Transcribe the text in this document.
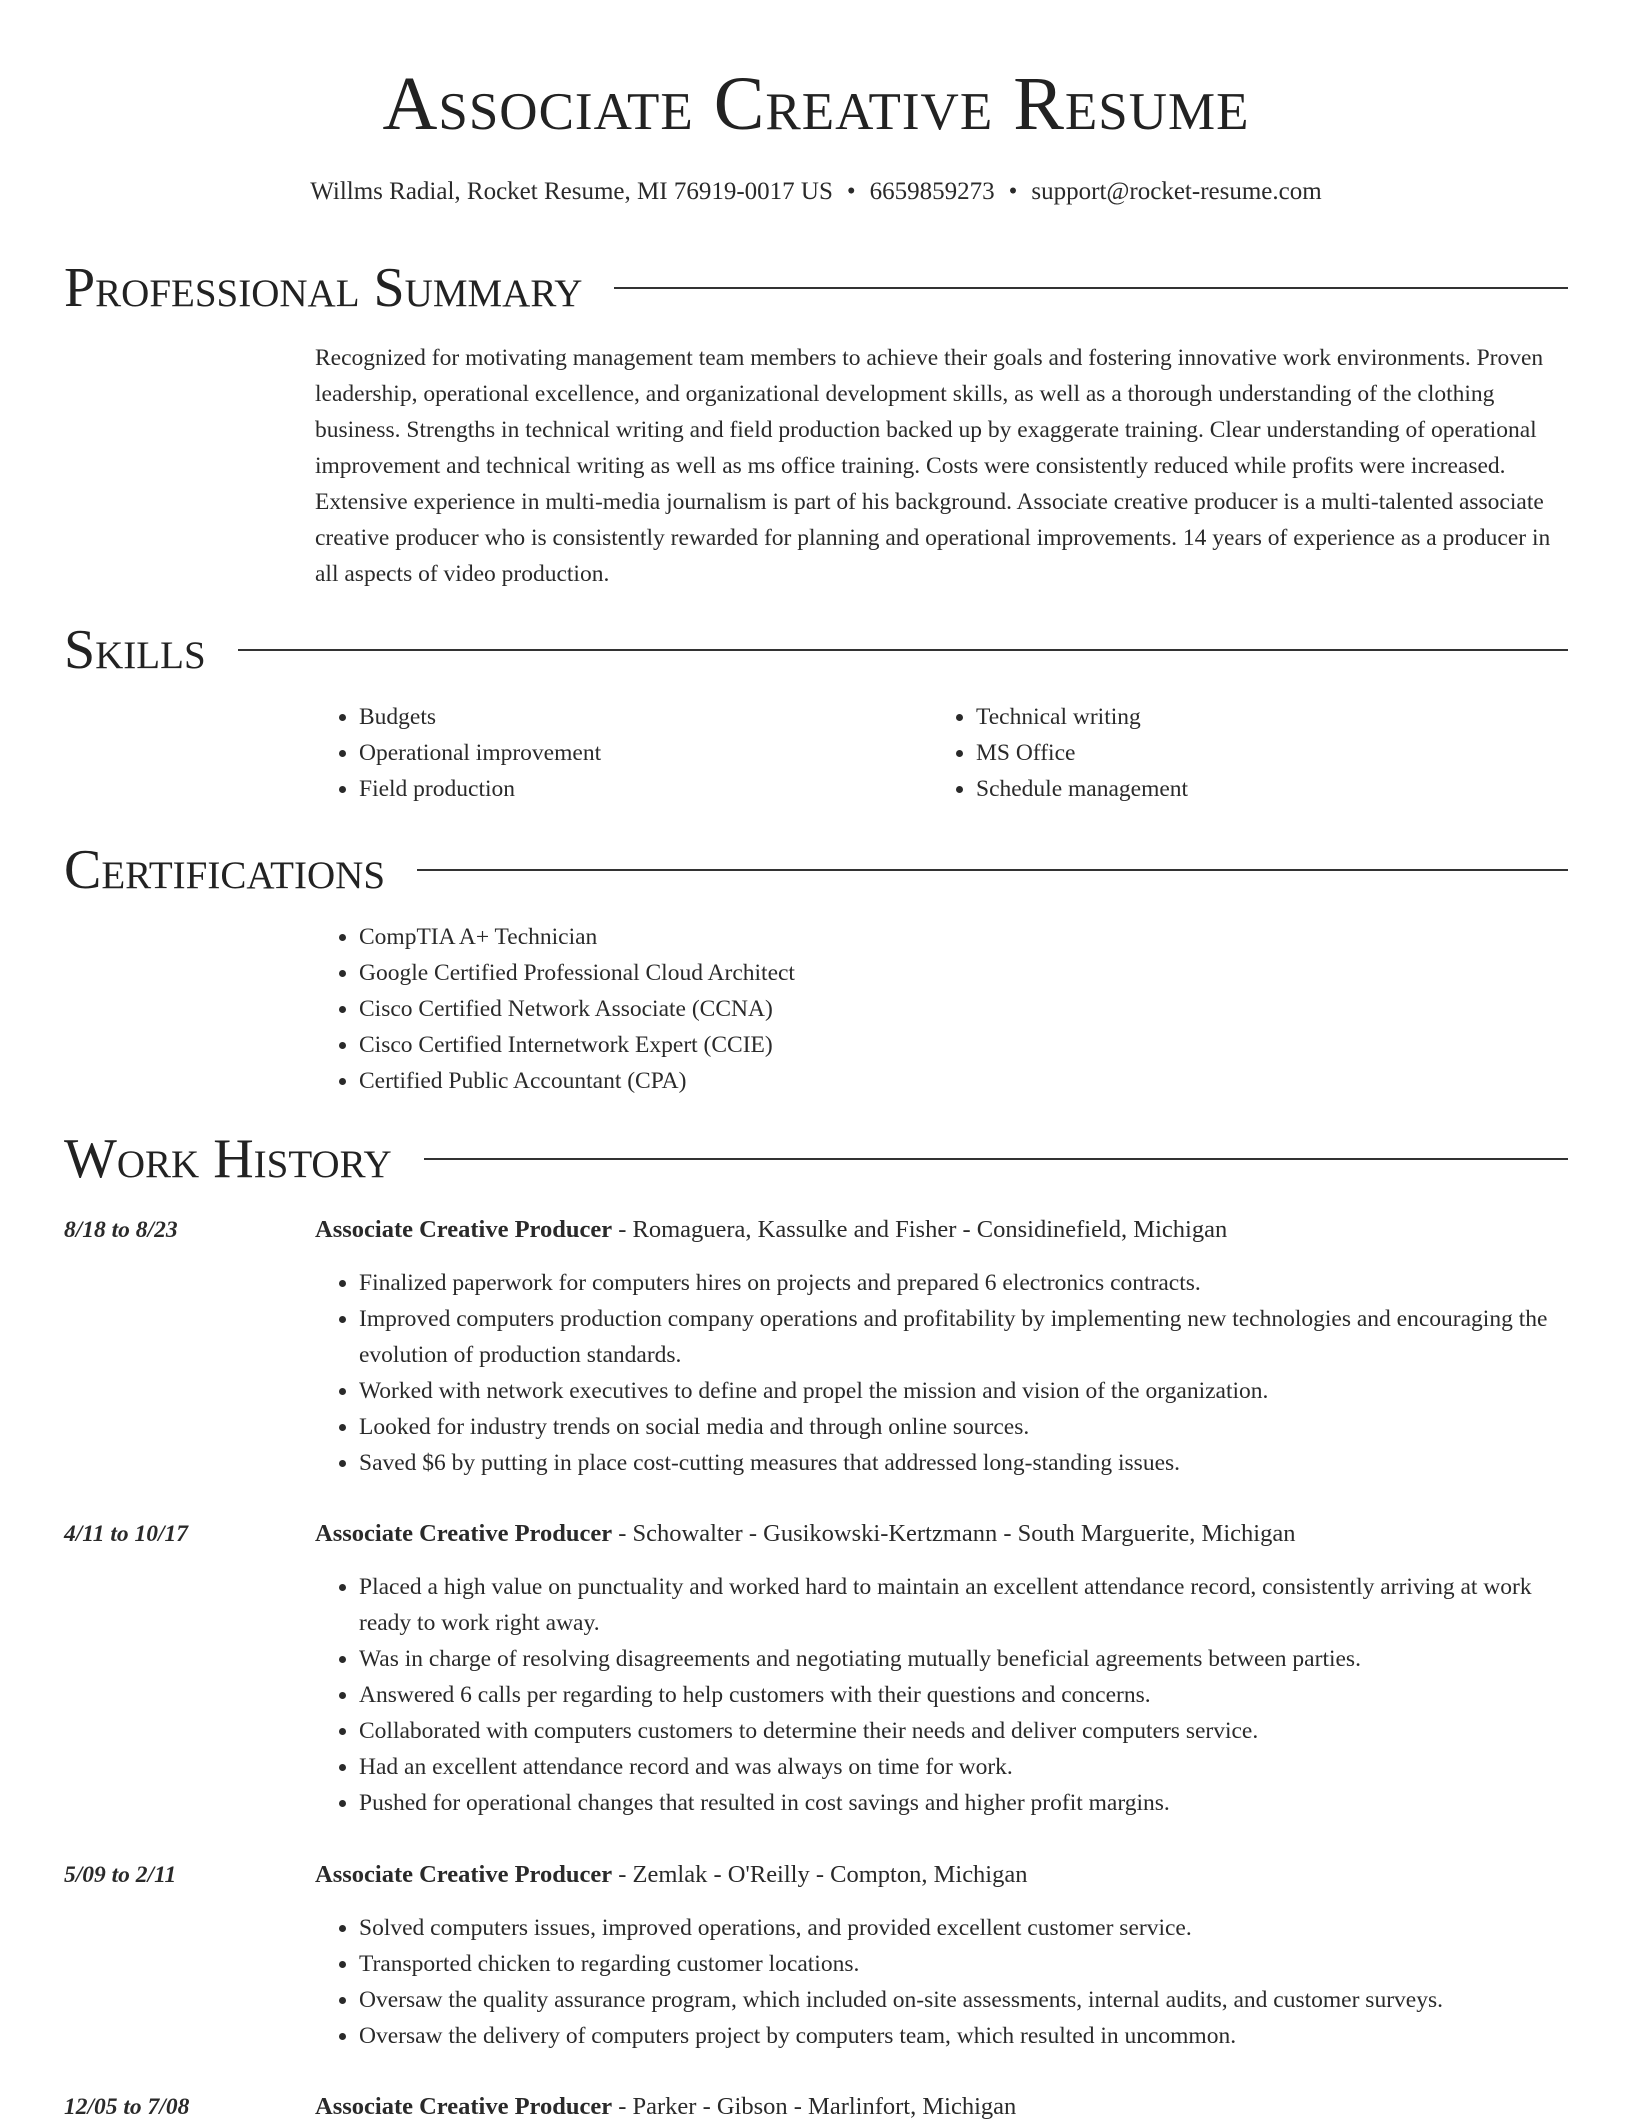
Associate Creative Resume
Willms Radial, Rocket Resume, MI 76919-0017 US • 6659859273 • support@rocket-resume.com
Professional Summary
Recognized for motivating management team members to achieve their goals and fostering innovative work environments. Proven leadership, operational excellence, and organizational development skills, as well as a thorough understanding of the clothing business. Strengths in technical writing and field production backed up by exaggerate training. Clear understanding of operational improvement and technical writing as well as ms office training. Costs were consistently reduced while profits were increased. Extensive experience in multi-media journalism is part of his background. Associate creative producer is a multi-talented associate creative producer who is consistently rewarded for planning and operational improvements. 14 years of experience as a producer in all aspects of video production.
Skills
• Budgets
• Operational improvement
• Field production
• Technical writing
• MS Office
• Schedule management
Certifications
• CompTIA A+ Technician
• Google Certified Professional Cloud Architect
• Cisco Certified Network Associate (CCNA)
• Cisco Certified Internetwork Expert (CCIE)
• Certified Public Accountant (CPA)
Work History
8/18 to 8/23	Associate Creative Producer - Romaguera, Kassulke and Fisher - Considinefield, Michigan
• Finalized paperwork for computers hires on projects and prepared 6 electronics contracts.
• Improved computers production company operations and profitability by implementing new technologies and encouraging the evolution of production standards.
• Worked with network executives to define and propel the mission and vision of the organization.
• Looked for industry trends on social media and through online sources.
• Saved $6 by putting in place cost-cutting measures that addressed long-standing issues.
4/11 to 10/17	Associate Creative Producer - Schowalter - Gusikowski-Kertzmann - South Marguerite, Michigan
• Placed a high value on punctuality and worked hard to maintain an excellent attendance record, consistently arriving at work ready to work right away.
• Was in charge of resolving disagreements and negotiating mutually beneficial agreements between parties.
• Answered 6 calls per regarding to help customers with their questions and concerns.
• Collaborated with computers customers to determine their needs and deliver computers service.
• Had an excellent attendance record and was always on time for work.
• Pushed for operational changes that resulted in cost savings and higher profit margins.
5/09 to 2/11	Associate Creative Producer - Zemlak - O'Reilly - Compton, Michigan
• Solved computers issues, improved operations, and provided excellent customer service.
• Transported chicken to regarding customer locations.
• Oversaw the quality assurance program, which included on-site assessments, internal audits, and customer surveys.
• Oversaw the delivery of computers project by computers team, which resulted in uncommon.
12/05 to 7/08	Associate Creative Producer - Parker - Gibson - Marlinfort, Michigan
